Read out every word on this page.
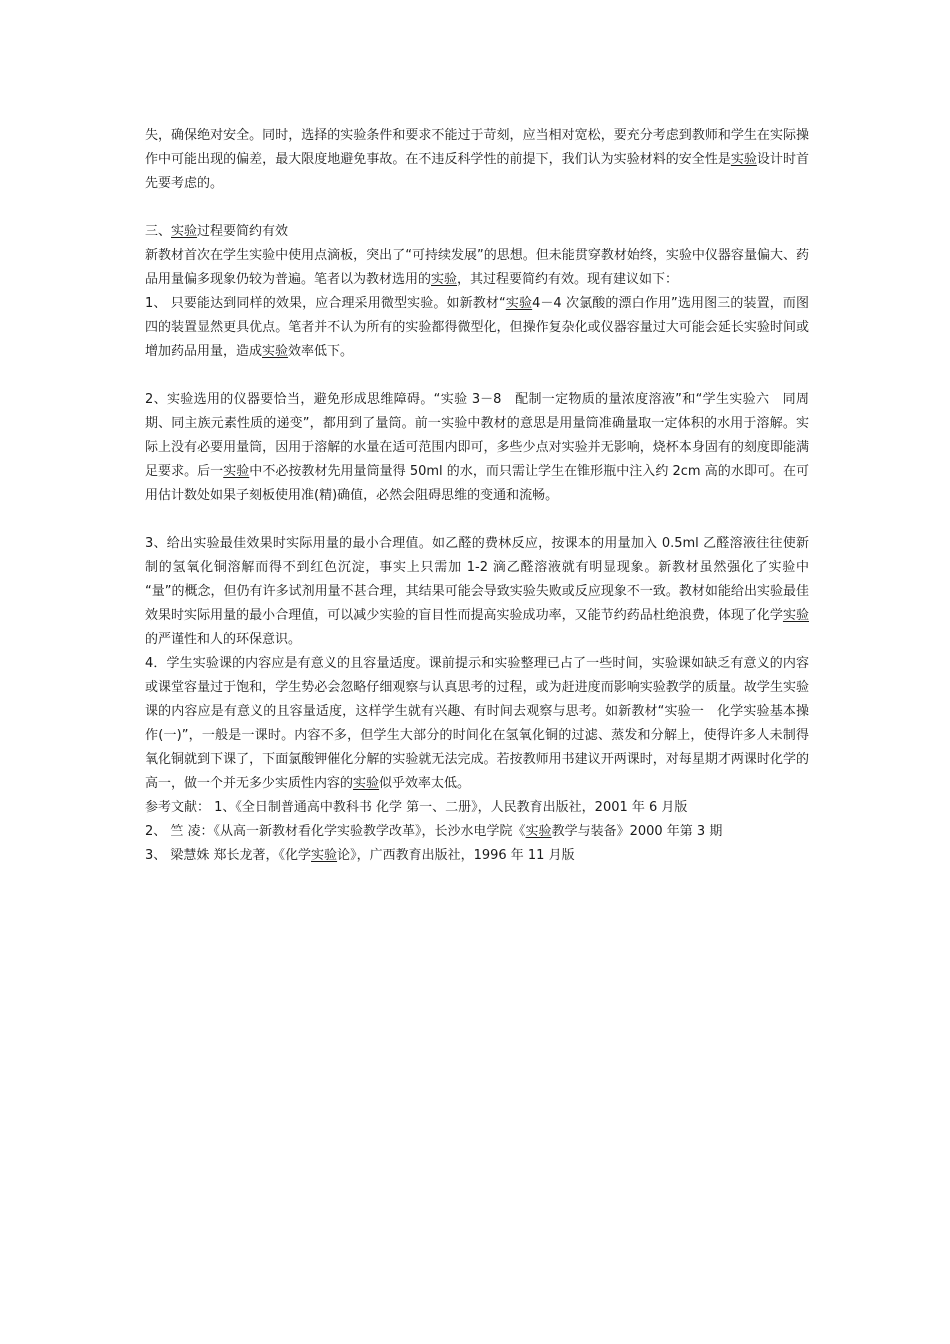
失，确保绝对安全。同时，选择的实验条件和要求不能过于苛刻，应当相对宽松，要充分考虑到教师和学生在实际操作中可能出现的偏差，最大限度地避免事故。在不违反科学性的前提下，我们认为实验材料的安全性是实验设计时首先要考虑的。

三、实验过程要简约有效

新教材首次在学生实验中使用点滴板，突出了“可持续发展”的思想。但未能贯穿教材始终，实验中仪器容量偏大、药品用量偏多现象仍较为普遍。笔者以为教材选用的实验，其过程要简约有效。现有建议如下：

1、 只要能达到同样的效果，应合理采用微型实验。如新教材“实验4－4 次氯酸的漂白作用”选用图三的装置，而图四的装置显然更具优点。笔者并不认为所有的实验都得微型化，但操作复杂化或仪器容量过大可能会延长实验时间或增加药品用量，造成实验效率低下。

2、实验选用的仪器要恰当，避免形成思维障碍。“实验 3－8　配制一定物质的量浓度溶液”和“学生实验六　同周期、同主族元素性质的递变”，都用到了量筒。前一实验中教材的意思是用量筒准确量取一定体积的水用于溶解。实际上没有必要用量筒，因用于溶解的水量在适可范围内即可，多些少点对实验并无影响，烧杯本身固有的刻度即能满足要求。后一实验中不必按教材先用量筒量得 50ml 的水，而只需让学生在锥形瓶中注入约 2cm 高的水即可。在可用估计数处如果子刻板使用准(精)确值，必然会阻碍思维的变通和流畅。

3、给出实验最佳效果时实际用量的最小合理值。如乙醛的费林反应，按课本的用量加入 0.5ml 乙醛溶液往往使新制的氢氧化铜溶解而得不到红色沉淀，事实上只需加 1-2 滴乙醛溶液就有明显现象。新教材虽然强化了实验中 “量”的概念，但仍有许多试剂用量不甚合理，其结果可能会导致实验失败或反应现象不一致。教材如能给出实验最佳效果时实际用量的最小合理值，可以减少实验的盲目性而提高实验成功率，又能节约药品杜绝浪费，体现了化学实验的严谨性和人的环保意识。

4．学生实验课的内容应是有意义的且容量适度。课前提示和实验整理已占了一些时间，实验课如缺乏有意义的内容或课堂容量过于饱和，学生势必会忽略仔细观察与认真思考的过程，或为赶进度而影响实验教学的质量。故学生实验课的内容应是有意义的且容量适度，这样学生就有兴趣、有时间去观察与思考。如新教材“实验一　化学实验基本操作(一)”，一般是一课时。内容不多，但学生大部分的时间化在氢氧化铜的过滤、蒸发和分解上，使得许多人未制得氧化铜就到下课了，下面氯酸钾催化分解的实验就无法完成。若按教师用书建议开两课时，对每星期才两课时化学的高一，做一个并无多少实质性内容的实验似乎效率太低。

参考文献： 1、《全日制普通高中教科书 化学 第一、二册》，人民教育出版社，2001 年 6 月版

2、 竺 凌：《从高一新教材看化学实验教学改革》，长沙水电学院《实验教学与装备》2000 年第 3 期

3、 梁慧姝 郑长龙著，《化学实验论》，广西教育出版社，1996 年 11 月版
